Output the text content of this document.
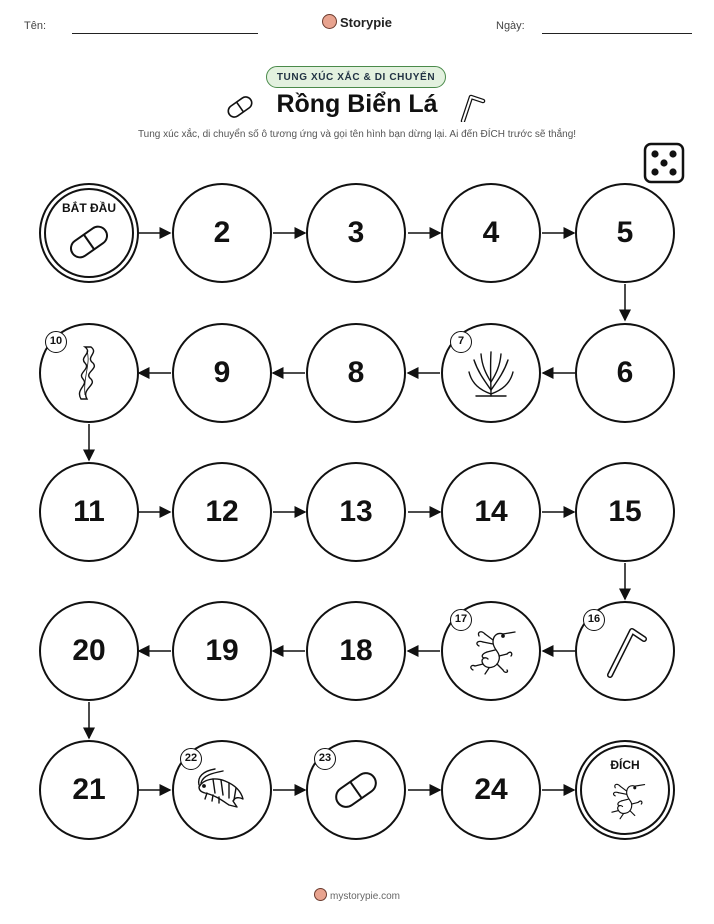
Tên:	Storypie	Ngày:
TUNG XÚC XẮC & DI CHUYỂN
Rồng Biển Lá
Tung xúc xắc, di chuyển số ô tương ứng và gọi tên hình bạn dừng lại. Ai đến ĐÍCH trước sẽ thắng!
BẮT ĐẦU
2	3	4	5
10
9	8
7
6
11	12	13	14	15
20	19	18
17	16
21
22	23
24
ĐÍCH
mystorypie.com
